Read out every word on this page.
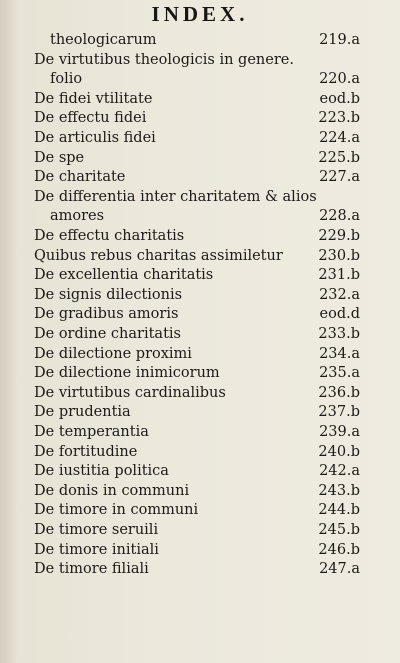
INDEX.
theologicarum	219.a
De virtutibus theologicis in genere.
folio	220.a
De fidei vtilitate	eod.b
De effectu fidei	223.b
De articulis fidei	224.a
De spe	225.b
De charitate	227.a
De differentia inter charitatem & alios
amores	228.a
De effectu charitatis	229.b
Quibus rebus charitas assimiletur 230.b
De excellentia charitatis	231.b
De signis dilectionis	232.a
De gradibus amoris	eod.d
De ordine charitatis	233.b
De dilectione proximi	234.a
De dilectione inimicorum	235.a
De virtutibus cardinalibus	236.b
De prudentia	237.b
De temperantia	239.a
De fortitudine	240.b
De iustitia politica	242.a
De donis in communi	243.b
De timore in communi	244.b
De timore seruili	245.b
De timore initiali	246.b
De timore filiali	247.a
